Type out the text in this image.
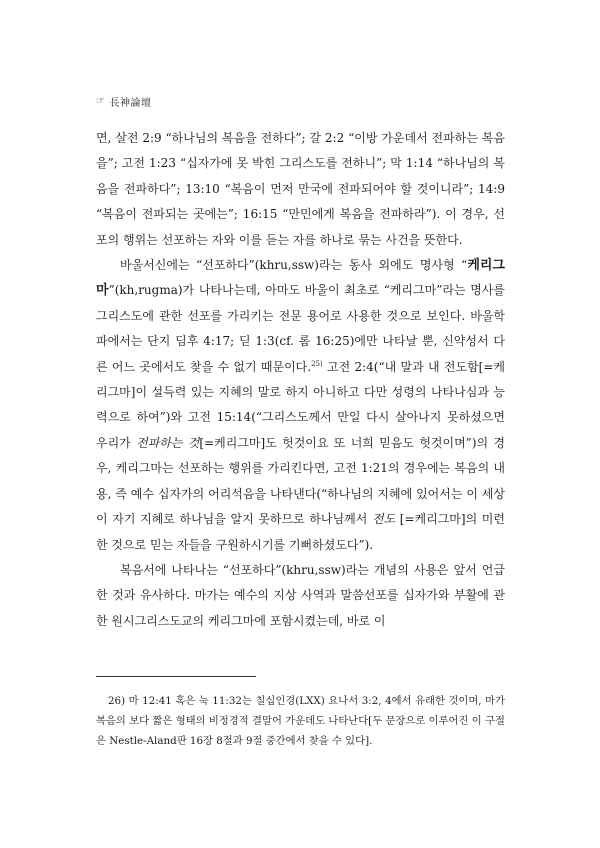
☞ 長神論壇

면, 살전 2:9 “하나님의 복음을 전하다”; 갈 2:2 “이방 가운데서 전파하는 복음을”; 고전 1:23 “십자가에 못 박힌 그리스도를 전하니”; 막 1:14 “하나님의 복음을 전파하다”; 13:10 “복음이 먼저 만국에 전파되어야 할 것이니라”; 14:9 “복음이 전파되는 곳에는”; 16:15 “만민에게 복음을 전파하라”). 이 경우, 선포의 행위는 선포하는 자와 이를 듣는 자를 하나로 묶는 사건을 뜻한다.

바울서신에는 “선포하다”(khru,ssw)라는 동사 외에도 명사형 “케리그마”(kh,rugma)가 나타나는데, 아마도 바울이 최초로 “케리그마”라는 명사를 그리스도에 관한 선포를 가리키는 전문 용어로 사용한 것으로 보인다. 바울학파에서는 단지 딤후 4:17; 딛 1:3(cf. 롬 16:25)에만 나타날 뿐, 신약성서 다른 어느 곳에서도 찾을 수 없기 때문이다.$^{25)}$ 고전 2:4(“내 말과 내 전도함[=케리그마]이 설득력 있는 지혜의 말로 하지 아니하고 다만 성령의 나타나심과 능력으로 하여”)와 고전 15:14(“그리스도께서 만일 다시 살아나지 못하셨으면 우리가 전파하는 것[=케리그마]도 헛것이요 또 너희 믿음도 헛것이며”)의 경우, 케리그마는 선포하는 행위를 가리킨다면, 고전 1:21의 경우에는 복음의 내용, 즉 예수 십자가의 어리석음을 나타낸다(“하나님의 지혜에 있어서는 이 세상이 자기 지혜로 하나님을 알지 못하므로 하나님께서 전도 [=케리그마]의 미련한 것으로 믿는 자들을 구원하시기를 기뻐하셨도다”).

복음서에 나타나는 “선포하다”(khru,ssw)라는 개념의 사용은 앞서 언급한 것과 유사하다. 마가는 예수의 지상 사역과 말씀선포를 십자가와 부활에 관한 원시그리스도교의 케리그마에 포함시켰는데, 바로 이

26) 마 12:41 혹은 눅 11:32는 칠십인경(LXX) 요나서 3:2, 4에서 유래한 것이며, 마가복음의 보다 짧은 형태의 비정경적 결말어 가운데도 나타난다[두 문장으로 이루어진 이 구절은 Nestle-Aland판 16장 8절과 9절 중간에서 찾을 수 있다].
